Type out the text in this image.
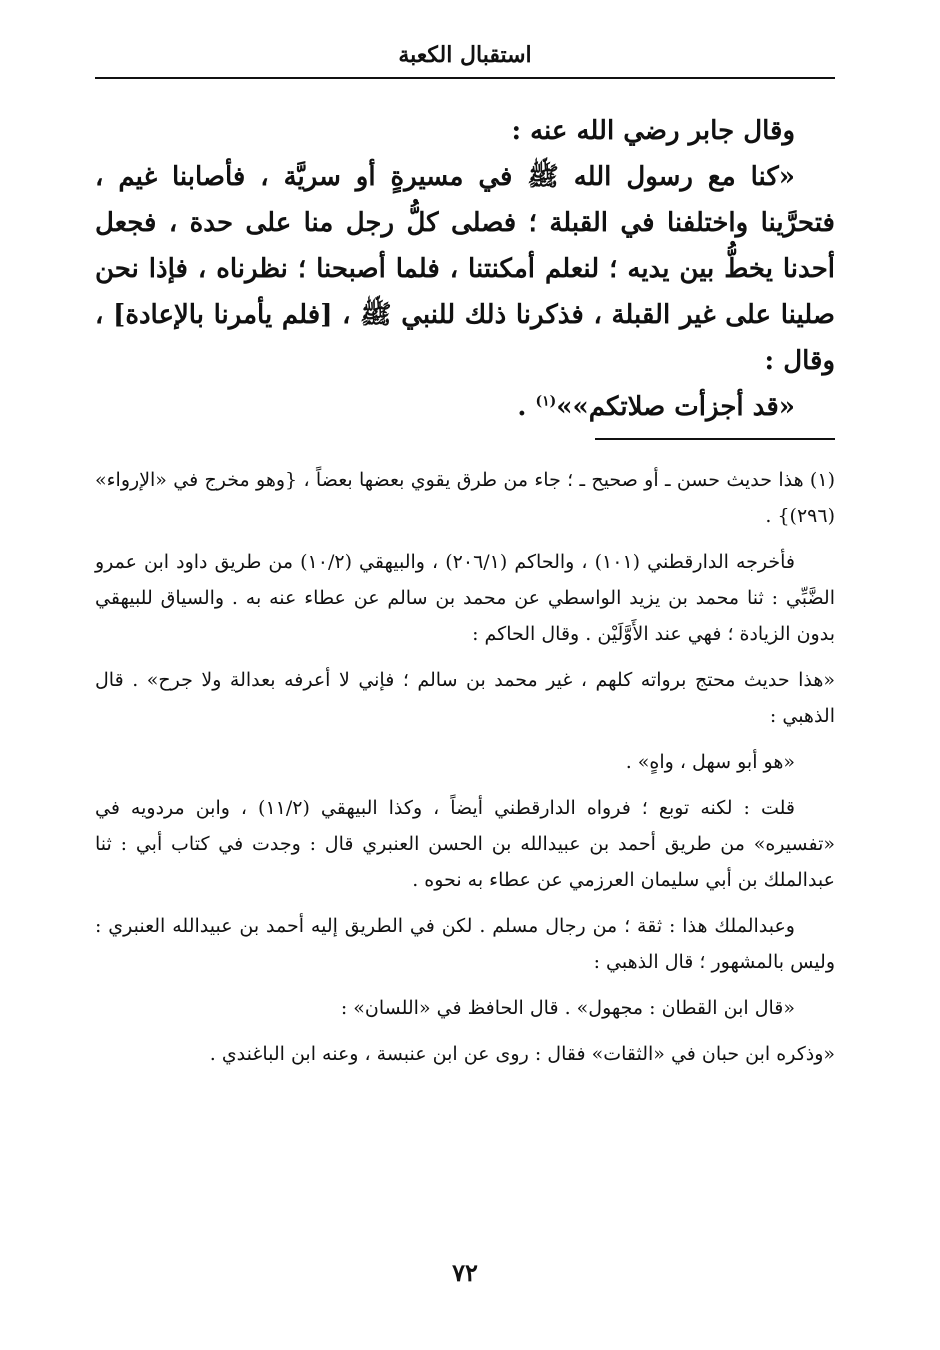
استقبال الكعبة

وقال جابر رضي الله عنه :

«كنا مع رسول الله ﷺ في مسيرةٍ أو سريَّة ، فأصابنا غيم ، فتحرَّينا واختلفنا في القبلة ؛ فصلى كلُّ رجل منا على حدة ، فجعل أحدنا يخطُّ بين يديه ؛ لنعلم أمكنتنا ، فلما أصبحنا ؛ نظرناه ، فإذا نحن صلينا على غير القبلة ، فذكرنا ذلك للنبي ﷺ ، [فلم يأمرنا بالإعادة] ، وقال :

«قد أجزأت صلاتكم»»$^{(١)}$ .

(١) هذا حديث حسن ـ أو صحيح ـ ؛ جاء من طرق يقوي بعضها بعضاً ، {وهو مخرج في «الإرواء» (٢٩٦)} .

فأخرجه الدارقطني (١٠١) ، والحاكم (٢٠٦/١) ، والبيهقي (١٠/٢) من طريق داود ابن عمرو الضَّبِّي : ثنا محمد بن يزيد الواسطي عن محمد بن سالم عن عطاء عنه به . والسياق للبيهقي بدون الزيادة ؛ فهي عند الأَوَّلَيْن . وقال الحاكم :

«هذا حديث محتج برواته كلهم ، غير محمد بن سالم ؛ فإني لا أعرفه بعدالة ولا جرح» . قال الذهبي :

«هو أبو سهل ، واهٍ» .

قلت : لكنه توبع ؛ فرواه الدارقطني أيضاً ، وكذا البيهقي (١١/٢) ، وابن مردويه في «تفسيره» من طريق أحمد بن عبيدالله بن الحسن العنبري قال : وجدت في كتاب أبي : ثنا عبدالملك بن أبي سليمان العرزمي عن عطاء به نحوه .

وعبدالملك هذا : ثقة ؛ من رجال مسلم . لكن في الطريق إليه أحمد بن عبيدالله العنبري : وليس بالمشهور ؛ قال الذهبي :

«قال ابن القطان : مجهول» . قال الحافظ في «اللسان» :

«وذكره ابن حبان في «الثقات» فقال : روى عن ابن عنبسة ، وعنه ابن الباغندي .

٧٢
